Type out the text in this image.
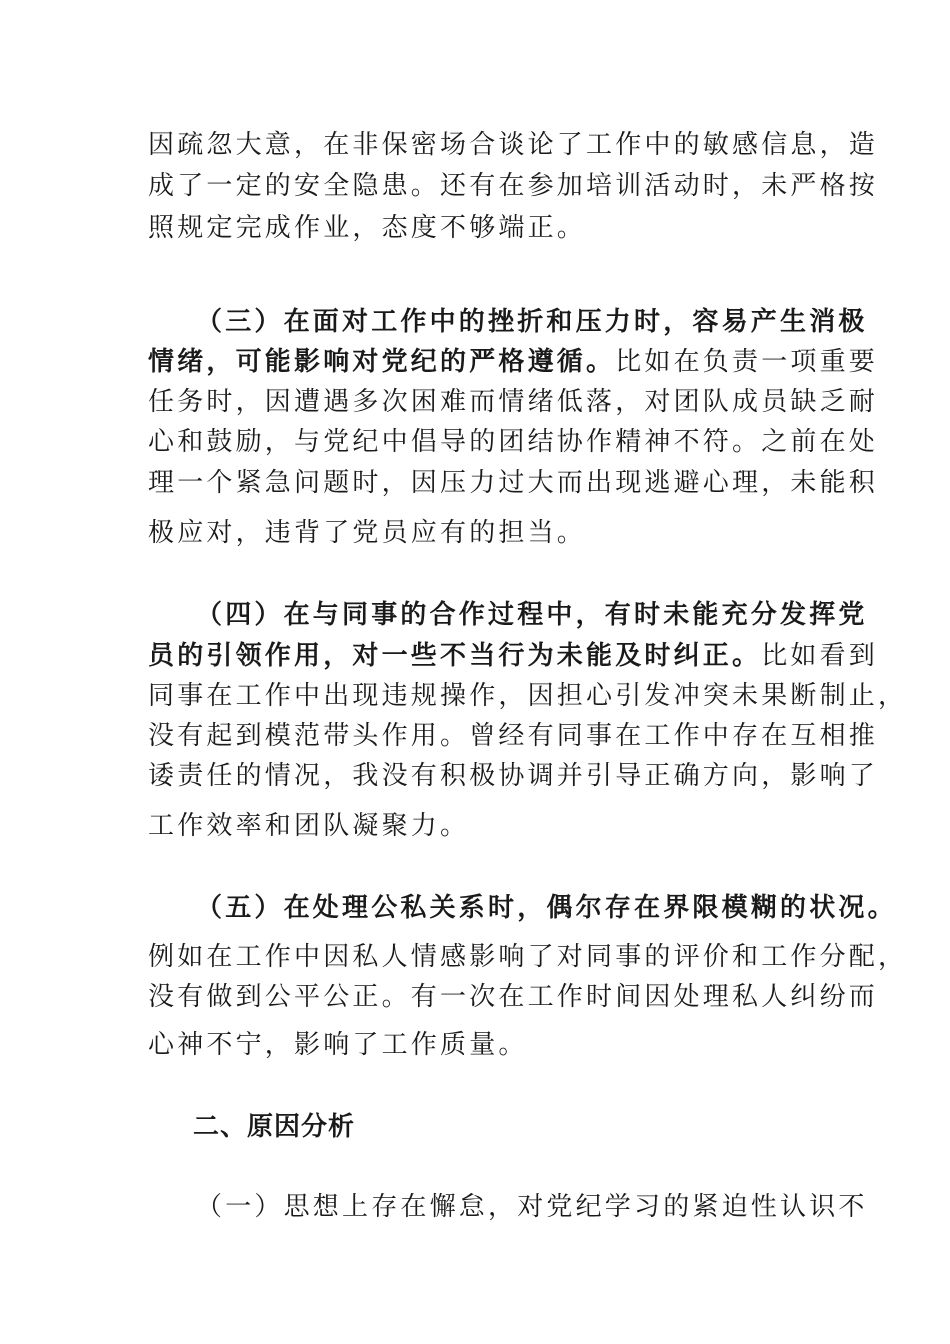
因疏忽大意，在非保密场合谈论了工作中的敏感信息，造
成了一定的安全隐患。还有在参加培训活动时，未严格按
照规定完成作业，态度不够端正。
（三）在面对工作中的挫折和压力时，容易产生消极
情绪，可能影响对党纪的严格遵循。比如在负责一项重要
任务时，因遭遇多次困难而情绪低落，对团队成员缺乏耐
心和鼓励，与党纪中倡导的团结协作精神不符。之前在处
理一个紧急问题时，因压力过大而出现逃避心理，未能积
极应对，违背了党员应有的担当。
（四）在与同事的合作过程中，有时未能充分发挥党
员的引领作用，对一些不当行为未能及时纠正。比如看到
同事在工作中出现违规操作，因担心引发冲突未果断制止，
没有起到模范带头作用。曾经有同事在工作中存在互相推
诿责任的情况，我没有积极协调并引导正确方向，影响了
工作效率和团队凝聚力。
（五）在处理公私关系时，偶尔存在界限模糊的状况。
例如在工作中因私人情感影响了对同事的评价和工作分配，
没有做到公平公正。有一次在工作时间因处理私人纠纷而
心神不宁，影响了工作质量。
二、原因分析
（一）思想上存在懈怠，对党纪学习的紧迫性认识不
